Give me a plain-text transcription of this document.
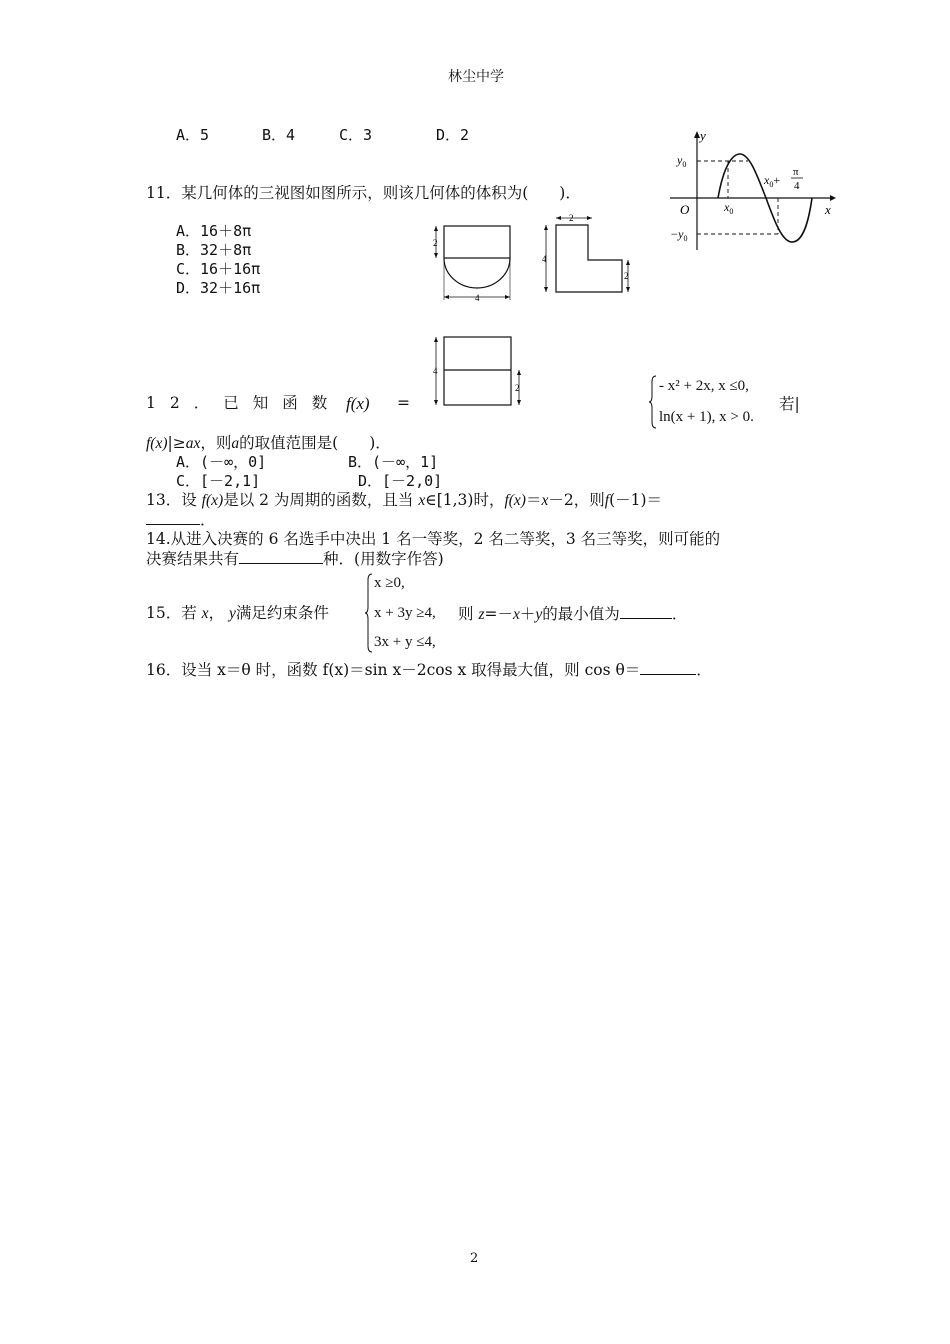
林尘中学
A．5	B．4	C．3	D．2	y
x
O
$y_0$
$-y_0$
$x_0$
$x_0+$
π
4
11．某几何体的三视图如图所示，则该几何体的体积为(　　)．
A．16＋8π
B．32＋8π
C．16＋16π
D．32＋16π
2
4
2
4
2
4
2
12．已知函数 f(x) =
- x² + 2x, x ≤0,
ln(x + 1), x > 0.
若|
f(x)|≥ax，则a的取值范围是(　　)．
A．(－∞，0]	B．(－∞，1]
C．[－2,1]	D．[－2,0]
13．设 f(x)是以 2 为周期的函数，且当 x∈[1,3)时，f(x)＝x－2，则f(－1)＝
．
14.从进入决赛的 6 名选手中决出 1 名一等奖，2 名二等奖，3 名三等奖，则可能的
决赛结果共有	种．(用数字作答)
15．若 x， y满足约束条件
x ≥0,
x + 3y ≥4,
3x + y ≤4,
则 z=－x＋y的最小值为	．
16．设当 x＝θ 时，函数 f(x)＝sin x－2cos x 取得最大值，则 cos θ＝	．
2
